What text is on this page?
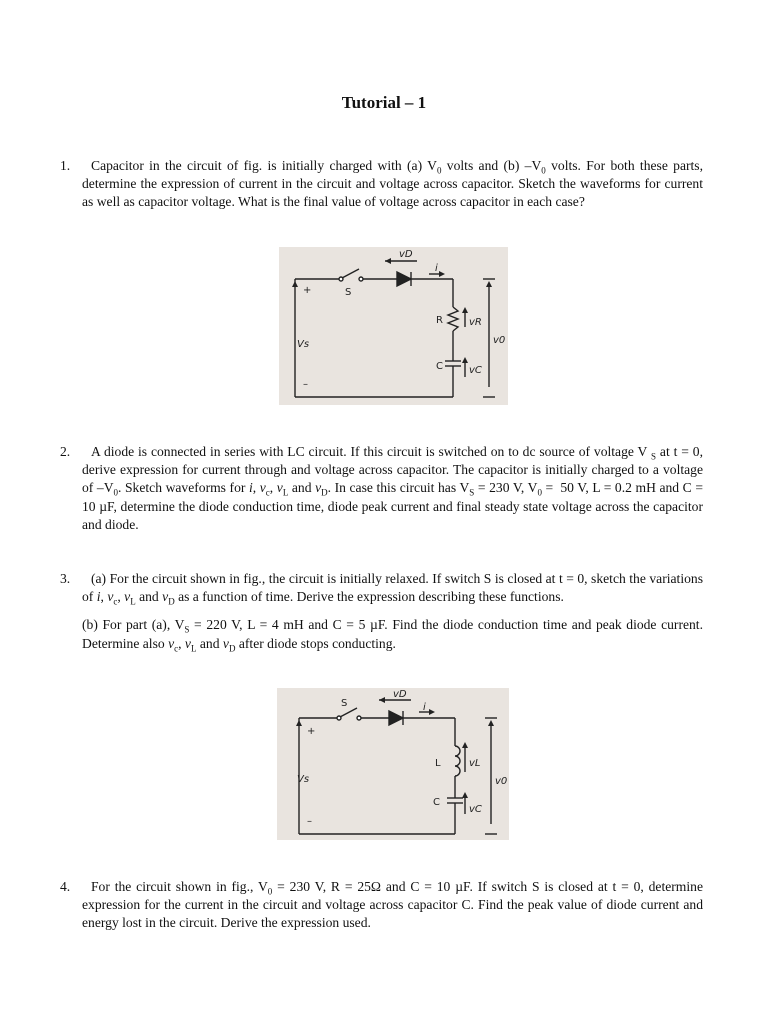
Tutorial – 1
1.	Capacitor in the circuit of fig. is initially charged with (a) $V_0$ volts and (b) $-V_0$ volts. For both these parts, determine the expression of current in the circuit and voltage across capacitor. Sketch the waveforms for current as well as capacitor voltage. What is the final value of voltage across capacitor in each case?
vD
i
S
R	vR
C	vC
Vs	v0
+
–
2.	A diode is connected in series with LC circuit. If this circuit is switched on to dc source of voltage V $_S$ at t = 0, derive expression for current through and voltage across capacitor. The capacitor is initially charged to a voltage of $-V_0$. Sketch waveforms for i, $v_c$, $v_L$ and $v_D$. In case this circuit has $V_S = 230$ V, $V_0 = 50$ V, L = 0.2 mH and C = 10 µF, determine the diode conduction time, diode peak current and final steady state voltage across the capacitor and diode.
3.	(a) For the circuit shown in fig., the circuit is initially relaxed. If switch S is closed at t = 0, sketch the variations of i, $v_c$, $v_L$ and $v_D$ as a function of time. Derive the expression describing these functions.
(b) For part (a), $V_S = 220$ V, L = 4 mH and C = 5 µF. Find the diode conduction time and peak diode current. Determine also $v_c$, $v_L$ and $v_D$ after diode stops conducting.
vD
i
S
L	vL
C
vC
Vs	v0
+
–
4.	For the circuit shown in fig., $V_0 = 230$ V, R = 25Ω and C = 10 µF. If switch S is closed at t = 0, determine expression for the current in the circuit and voltage across capacitor C. Find the peak value of diode current and energy lost in the circuit. Derive the expression used.
